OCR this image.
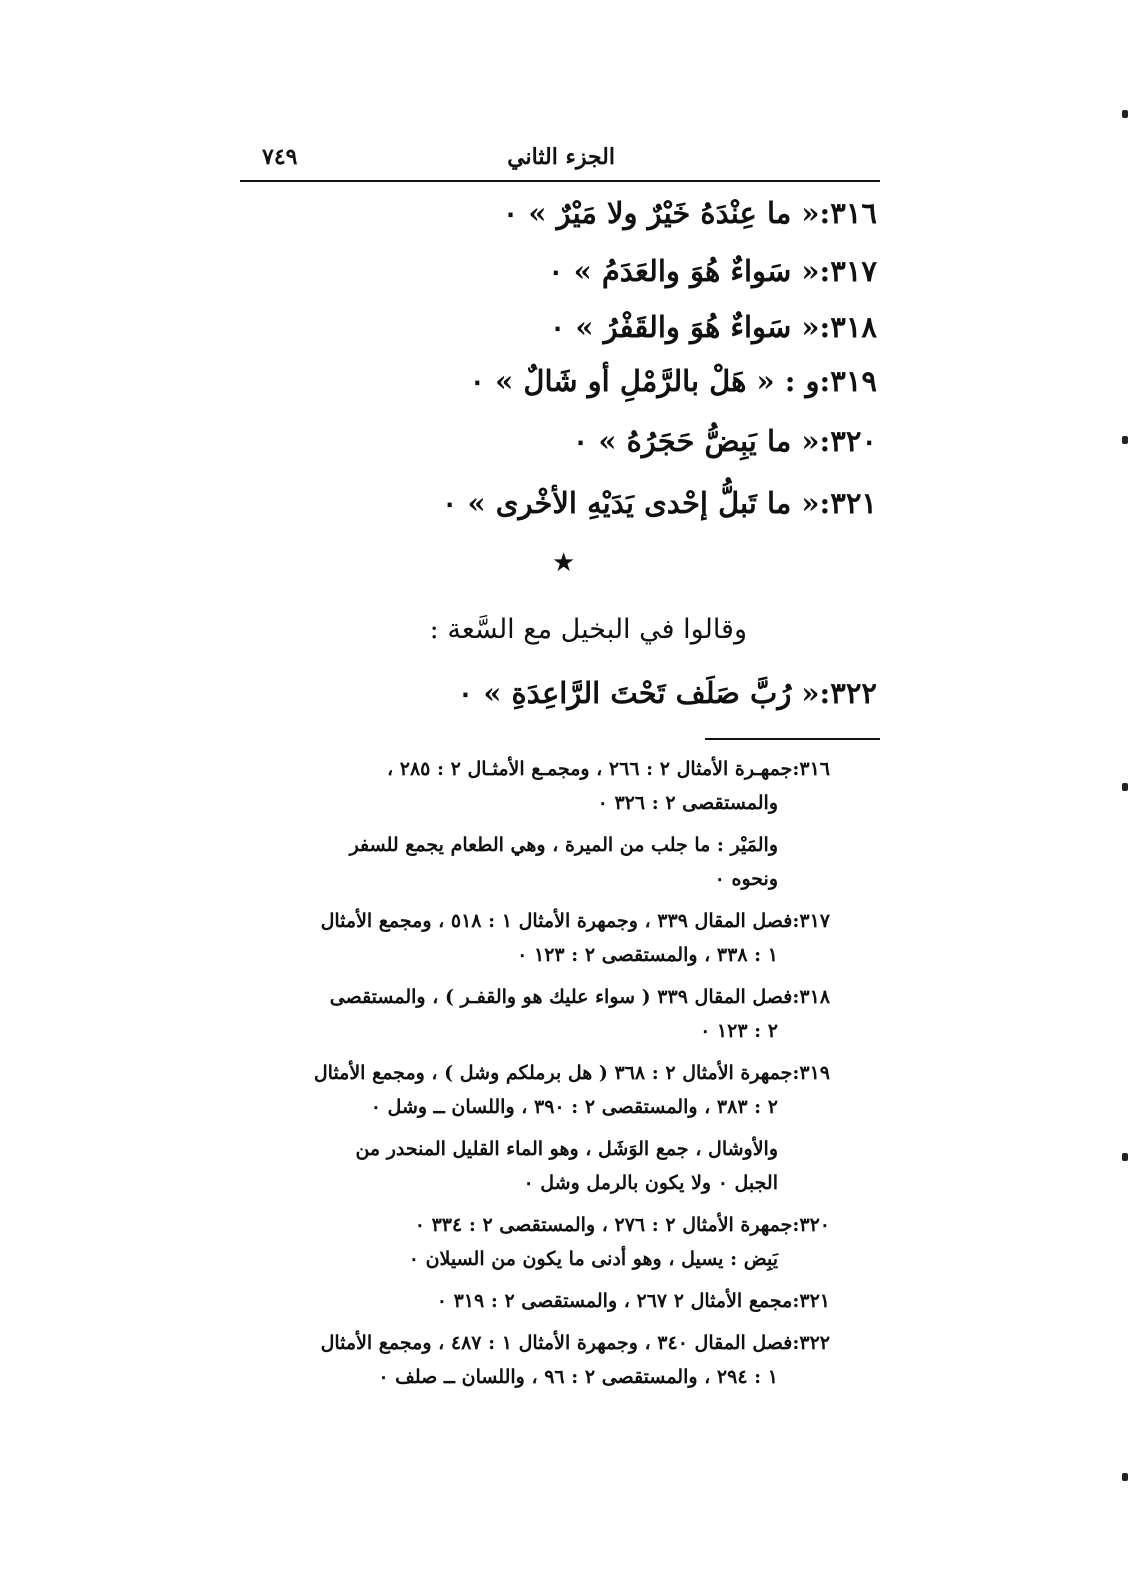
الجزء الثاني
٧٤٩
٣١٦:« ما عِنْدَهُ خَيْرٌ ولا مَيْرٌ » ٠
٣١٧:« سَواءٌ هُوَ والعَدَمُ » ٠
٣١٨:« سَواءٌ هُوَ والقَفْرُ » ٠
٣١٩:و : « هَلْ بالرَّمْلِ أو شَالٌ » ٠
٣٢٠:« ما يَبِضُّ حَجَرُهُ » ٠
٣٢١:« ما تَبلُّ إحْدى يَدَيْهِ الأخْرى » ٠
★
وقالوا في البخيل مع السَّعة :
٣٢٢:« رُبَّ صَلَف تَحْتَ الرَّاعِدَةِ » ٠
٣١٦:جمهـرة الأمثال ٢ : ٢٦٦ ، ومجمـع الأمثـال ٢ : ٢٨٥ ،
والمستقصى ٢ : ٣٢٦ ٠
والمَيْر : ما جلب من الميرة ، وهي الطعام يجمع للسفر
ونحوه ٠
٣١٧:فصل المقال ٣٣٩ ، وجمهرة الأمثال ١ : ٥١٨ ، ومجمع الأمثال
١ : ٣٣٨ ، والمستقصى ٢ : ١٢٣ ٠
٣١٨:فصل المقال ٣٣٩ ( سواء عليك هو والقفـر ) ، والمستقصى
٢ : ١٢٣ ٠
٣١٩:جمهرة الأمثال ٢ : ٣٦٨ ( هل برملكم وشل ) ، ومجمع الأمثال
٢ : ٣٨٣ ، والمستقصى ٢ : ٣٩٠ ، واللسان ــ وشل ٠
والأوشال ، جمع الوَشَل ، وهو الماء القليل المنحدر من
الجبل ٠ ولا يكون بالرمل وشل ٠
٣٢٠:جمهرة الأمثال ٢ : ٢٧٦ ، والمستقصى ٢ : ٣٣٤ ٠
يَبِض : يسيل ، وهو أدنى ما يكون من السيلان ٠
٣٢١:مجمع الأمثال ٢ ٢٦٧ ، والمستقصى ٢ : ٣١٩ ٠
٣٢٢:فصل المقال ٣٤٠ ، وجمهرة الأمثال ١ : ٤٨٧ ، ومجمع الأمثال
١ : ٢٩٤ ، والمستقصى ٢ : ٩٦ ، واللسان ــ صلف ٠
